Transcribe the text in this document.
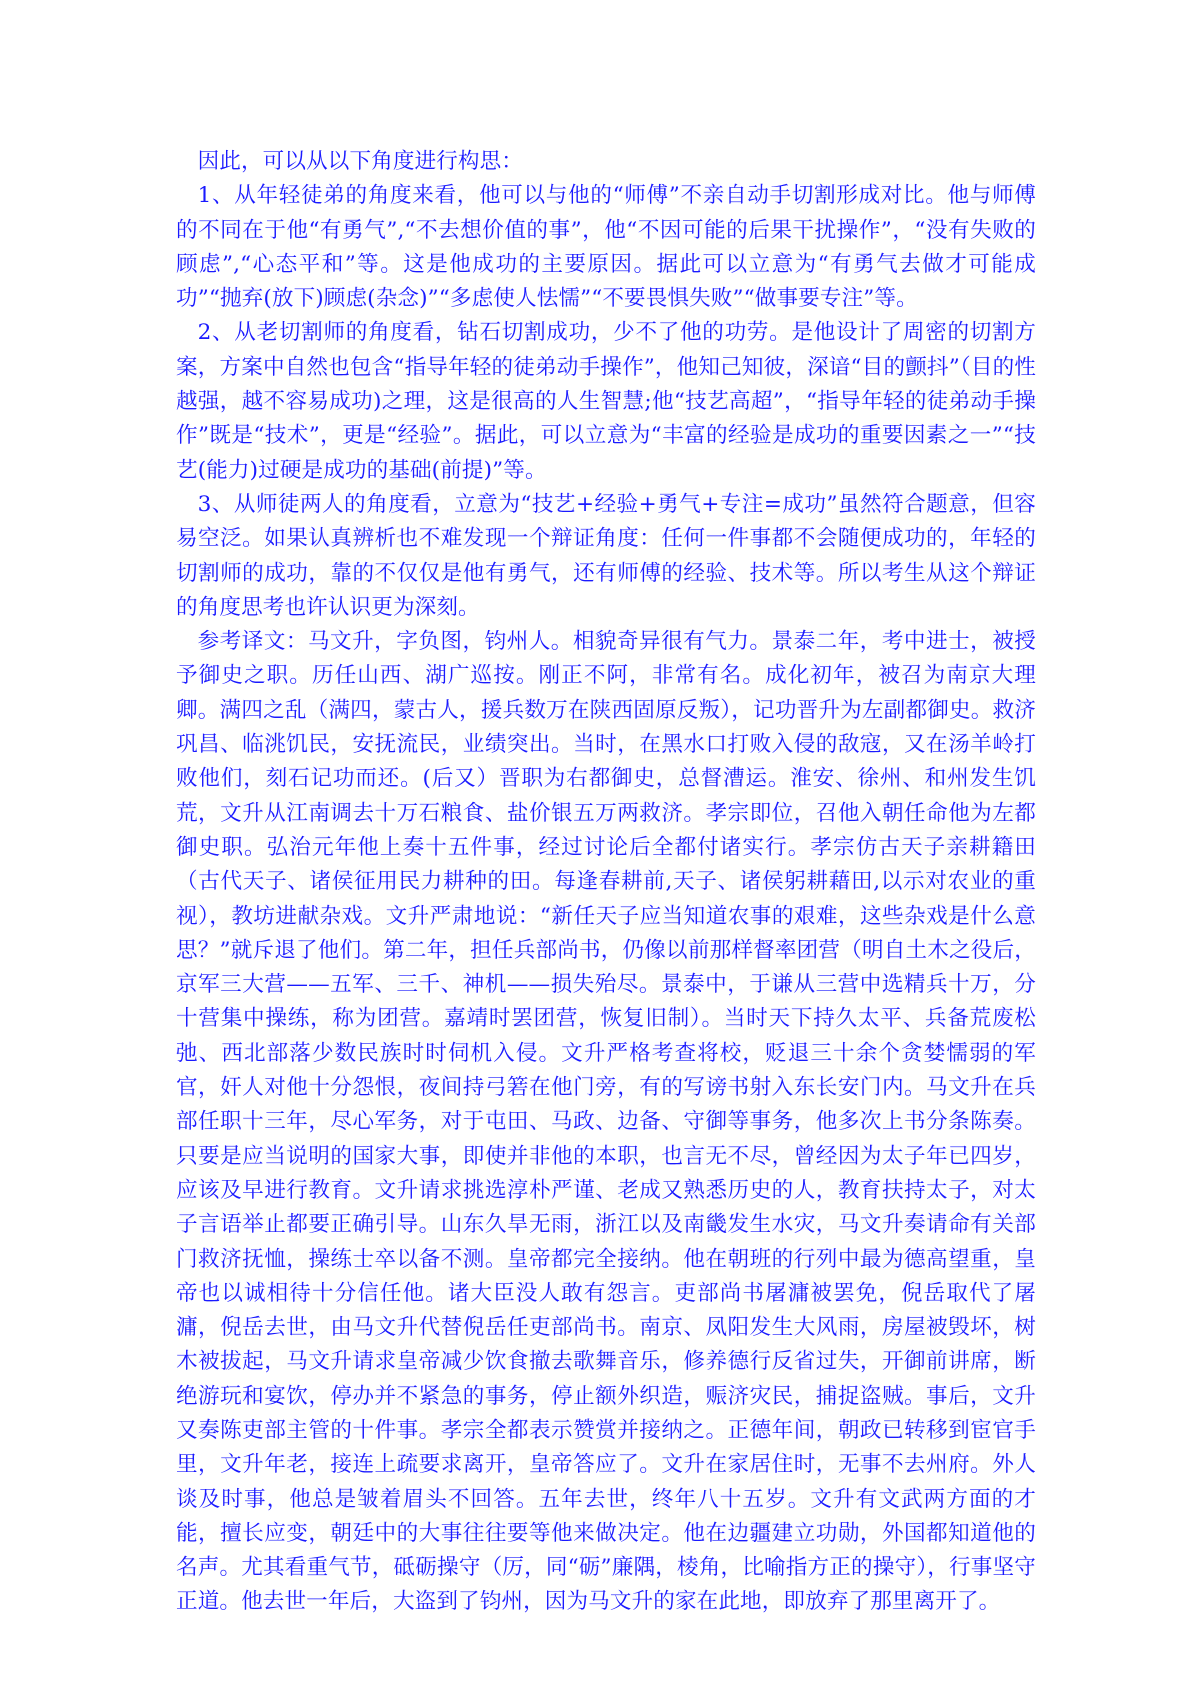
因此，可以从以下角度进行构思：

1、从年轻徒弟的角度来看，他可以与他的“师傅”不亲自动手切割形成对比。他与师傅的不同在于他“有勇气”,“不去想价值的事”，他“不因可能的后果干扰操作”，“没有失败的顾虑”,“心态平和”等。这是他成功的主要原因。据此可以立意为“有勇气去做才可能成功”“抛弃(放下)顾虑(杂念)”“多虑使人怯懦”“不要畏惧失败”“做事要专注”等。

2、从老切割师的角度看，钻石切割成功，少不了他的功劳。是他设计了周密的切割方案，方案中自然也包含“指导年轻的徒弟动手操作”，他知己知彼，深谙“目的颤抖”（目的性越强，越不容易成功)之理，这是很高的人生智慧;他“技艺高超”，“指导年轻的徒弟动手操作”既是“技术”，更是“经验”。据此，可以立意为“丰富的经验是成功的重要因素之一”“技艺(能力)过硬是成功的基础(前提)”等。

3、从师徒两人的角度看，立意为“技艺+经验+勇气+专注=成功”虽然符合题意，但容易空泛。如果认真辨析也不难发现一个辩证角度：任何一件事都不会随便成功的，年轻的切割师的成功，靠的不仅仅是他有勇气，还有师傅的经验、技术等。所以考生从这个辩证的角度思考也许认识更为深刻。

参考译文：马文升，字负图，钧州人。相貌奇异很有气力。景泰二年，考中进士，被授予御史之职。历任山西、湖广巡按。刚正不阿，非常有名。成化初年，被召为南京大理卿。满四之乱（满四，蒙古人，援兵数万在陕西固原反叛），记功晋升为左副都御史。救济巩昌、临洮饥民，安抚流民，业绩突出。当时，在黑水口打败入侵的敌寇，又在汤羊岭打败他们，刻石记功而还。(后又）晋职为右都御史，总督漕运。淮安、徐州、和州发生饥荒，文升从江南调去十万石粮食、盐价银五万两救济。孝宗即位，召他入朝任命他为左都御史职。弘治元年他上奏十五件事，经过讨论后全都付诸实行。孝宗仿古天子亲耕籍田（古代天子、诸侯征用民力耕种的田。每逢春耕前,天子、诸侯躬耕藉田,以示对农业的重视），教坊进献杂戏。文升严肃地说：“新任天子应当知道农事的艰难，这些杂戏是什么意思？”就斥退了他们。第二年，担任兵部尚书，仍像以前那样督率团营（明自土木之役后，京军三大营——五军、三千、神机——损失殆尽。景泰中，于谦从三营中选精兵十万，分十营集中操练，称为团营。嘉靖时罢团营，恢复旧制）。当时天下持久太平、兵备荒废松弛、西北部落少数民族时时伺机入侵。文升严格考查将校，贬退三十余个贪婪懦弱的军官，奸人对他十分怨恨，夜间持弓箬在他门旁，有的写谤书射入东长安门内。马文升在兵部任职十三年，尽心军务，对于屯田、马政、边备、守御等事务，他多次上书分条陈奏。只要是应当说明的国家大事，即使并非他的本职，也言无不尽，曾经因为太子年已四岁，应该及早进行教育。文升请求挑选淳朴严谨、老成又熟悉历史的人，教育扶持太子，对太子言语举止都要正确引导。山东久旱无雨，浙江以及南畿发生水灾，马文升奏请命有关部门救济抚恤，操练士卒以备不测。皇帝都完全接纳。他在朝班的行列中最为德高望重，皇帝也以诚相待十分信任他。诸大臣没人敢有怨言。吏部尚书屠滽被罢免，倪岳取代了屠滽，倪岳去世，由马文升代替倪岳任吏部尚书。南京、凤阳发生大风雨，房屋被毁坏，树木被拔起，马文升请求皇帝减少饮食撤去歌舞音乐，修养德行反省过失，开御前讲席，断绝游玩和宴饮，停办并不紧急的事务，停止额外织造，赈济灾民，捕捉盗贼。事后，文升又奏陈吏部主管的十件事。孝宗全都表示赞赏并接纳之。正德年间，朝政已转移到宦官手里，文升年老，接连上疏要求离开，皇帝答应了。文升在家居住时，无事不去州府。外人谈及时事，他总是皱着眉头不回答。五年去世，终年八十五岁。文升有文武两方面的才能，擅长应变，朝廷中的大事往往要等他来做决定。他在边疆建立功勋，外国都知道他的名声。尤其看重气节，砥砺操守（厉，同“砺”廉隅，棱角，比喻指方正的操守），行事坚守正道。他去世一年后，大盗到了钧州，因为马文升的家在此地，即放弃了那里离开了。
